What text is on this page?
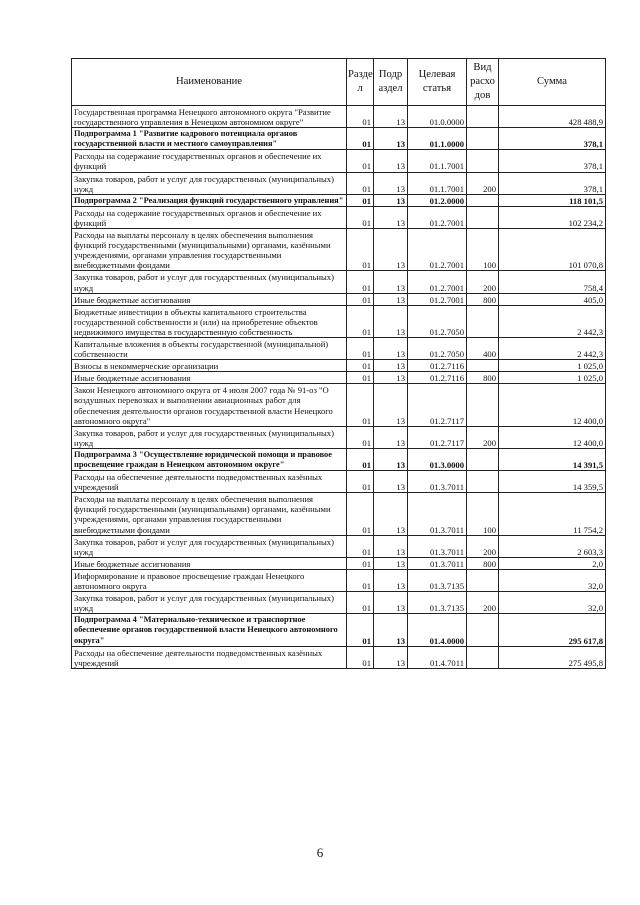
Наименование	Разде л	Подр аздел	Целевая статья	Вид расхо дов	Сумма
Государственная программа Ненецкого автономного округа "Развитие государственного управления в Ненецком автономном округе"	01	13	01.0.0000		428 488,9
Подпрограмма 1 "Развитие кадрового потенциала органов государственной власти и местного самоуправления"	01	13	01.1.0000		378,1
Расходы на содержание государственных органов и обеспечение их функций	01	13	01.1.7001		378,1
Закупка товаров, работ и услуг для государственных (муниципальных) нужд	01	13	01.1.7001	200	378,1
Подпрограмма 2 "Реализация функций государственного управления"	01	13	01.2.0000		118 101,5
Расходы на содержание государственных органов и обеспечение их функций	01	13	01.2.7001		102 234,2
Расходы на выплаты персоналу в целях обеспечения выполнения функций государственными (муниципальными) органами, казёнными учреждениями, органами управления государственными внебюджетными фондами	01	13	01.2.7001	100	101 070,8
Закупка товаров, работ и услуг для государственных (муниципальных) нужд	01	13	01.2.7001	200	758,4
Иные бюджетные ассигнования	01	13	01.2.7001	800	405,0
Бюджетные инвестиции в объекты капитального строительства государственной собственности и (или) на приобретение объектов недвижимого имущества в государственную собственность	01	13	01.2.7050		2 442,3
Капитальные вложения в объекты государственной (муниципальной) собственности	01	13	01.2.7050	400	2 442,3
Взносы в некоммерческие организации	01	13	01.2.7116		1 025,0
Иные бюджетные ассигнования	01	13	01.2.7116	800	1 025,0
Закон Ненецкого автономного округа от 4 июля 2007 года № 91-оз "О воздушных перевозках и выполнении авиационных работ для обеспечения деятельности органов государственной власти Ненецкого автономного округа"	01	13	01.2.7117		12 400,0
Закупка товаров, работ и услуг для государственных (муниципальных) нужд	01	13	01.2.7117	200	12 400,0
Подпрограмма 3 "Осуществление юридической помощи и правовое просвещение граждан в Ненецком автономном округе"	01	13	01.3.0000		14 391,5
Расходы на обеспечение деятельности подведомственных казённых учреждений	01	13	01.3.7011		14 359,5
Расходы на выплаты персоналу в целях обеспечения выполнения функций государственными (муниципальными) органами, казёнными учреждениями, органами управления государственными внебюджетными фондами	01	13	01.3.7011	100	11 754,2
Закупка товаров, работ и услуг для государственных (муниципальных) нужд	01	13	01.3.7011	200	2 603,3
Иные бюджетные ассигнования	01	13	01.3.7011	800	2,0
Информирование и правовое просвещение граждан Ненецкого автономного округа	01	13	01.3.7135		32,0
Закупка товаров, работ и услуг для государственных (муниципальных) нужд	01	13	01.3.7135	200	32,0
Подпрограмма 4 "Материально-техническое и транспортное обеспечение органов государственной власти Ненецкого автономного округа"	01	13	01.4.0000		295 617,8
Расходы на обеспечение деятельности подведомственных казённых учреждений	01	13	01.4.7011		275 495,8
6
